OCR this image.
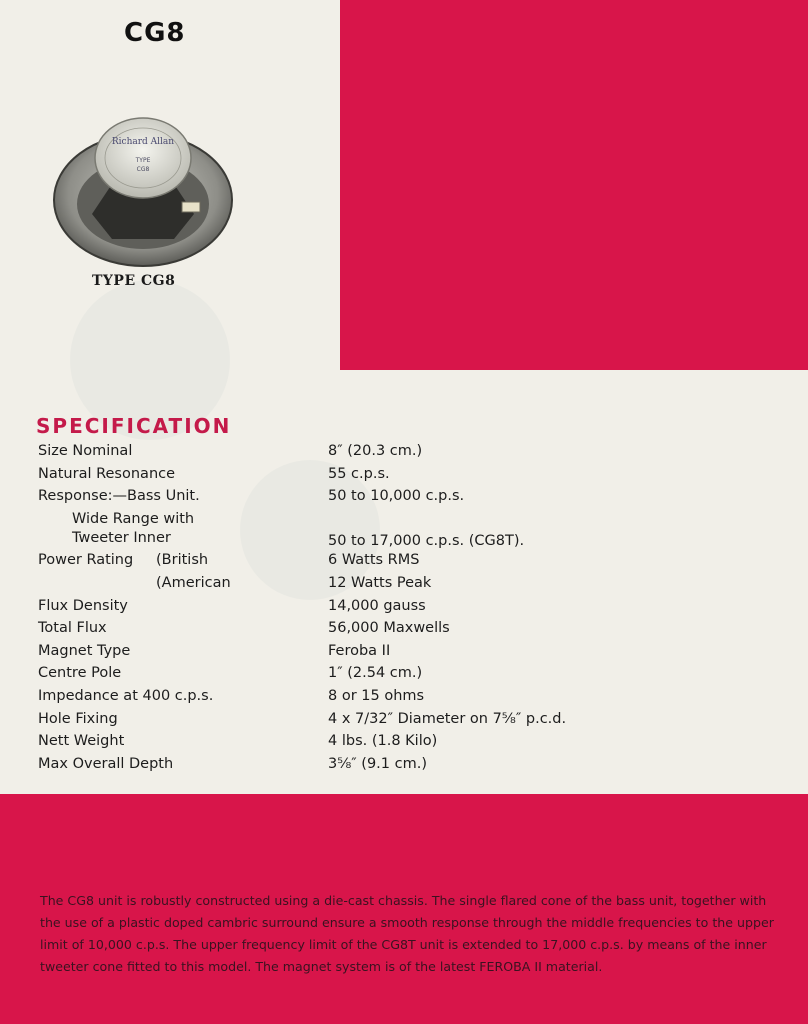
CG8
Richard Allan
TYPE
CG8
TYPE CG8
SPECIFICATION
Size Nominal	8″ (20.3 cm.)
Natural Resonance	55 c.p.s.
Response:—Bass Unit.	50 to 10,000 c.p.s.
Wide Range with
Tweeter Inner	50 to 17,000 c.p.s. (CG8T).
Power Rating (British	6 Watts RMS
(American	12 Watts Peak
Flux Density	14,000 gauss
Total Flux	56,000 Maxwells
Magnet Type	Feroba II
Centre Pole	1″ (2.54 cm.)
Impedance at 400 c.p.s.	8 or 15 ohms
Hole Fixing	4 x 7/32″ Diameter on 7⅝″ p.c.d.
Nett Weight	4 lbs. (1.8 Kilo)
Max Overall Depth	3⅝″ (9.1 cm.)
The CG8 unit is robustly constructed using a die-cast chassis. The single flared cone of the bass unit, together with the use of a plastic doped cambric surround ensure a smooth response through the middle frequencies to the upper limit of 10,000 c.p.s. The upper frequency limit of the CG8T unit is extended to 17,000 c.p.s. by means of the inner tweeter cone fitted to this model. The magnet system is of the latest FEROBA II material.
